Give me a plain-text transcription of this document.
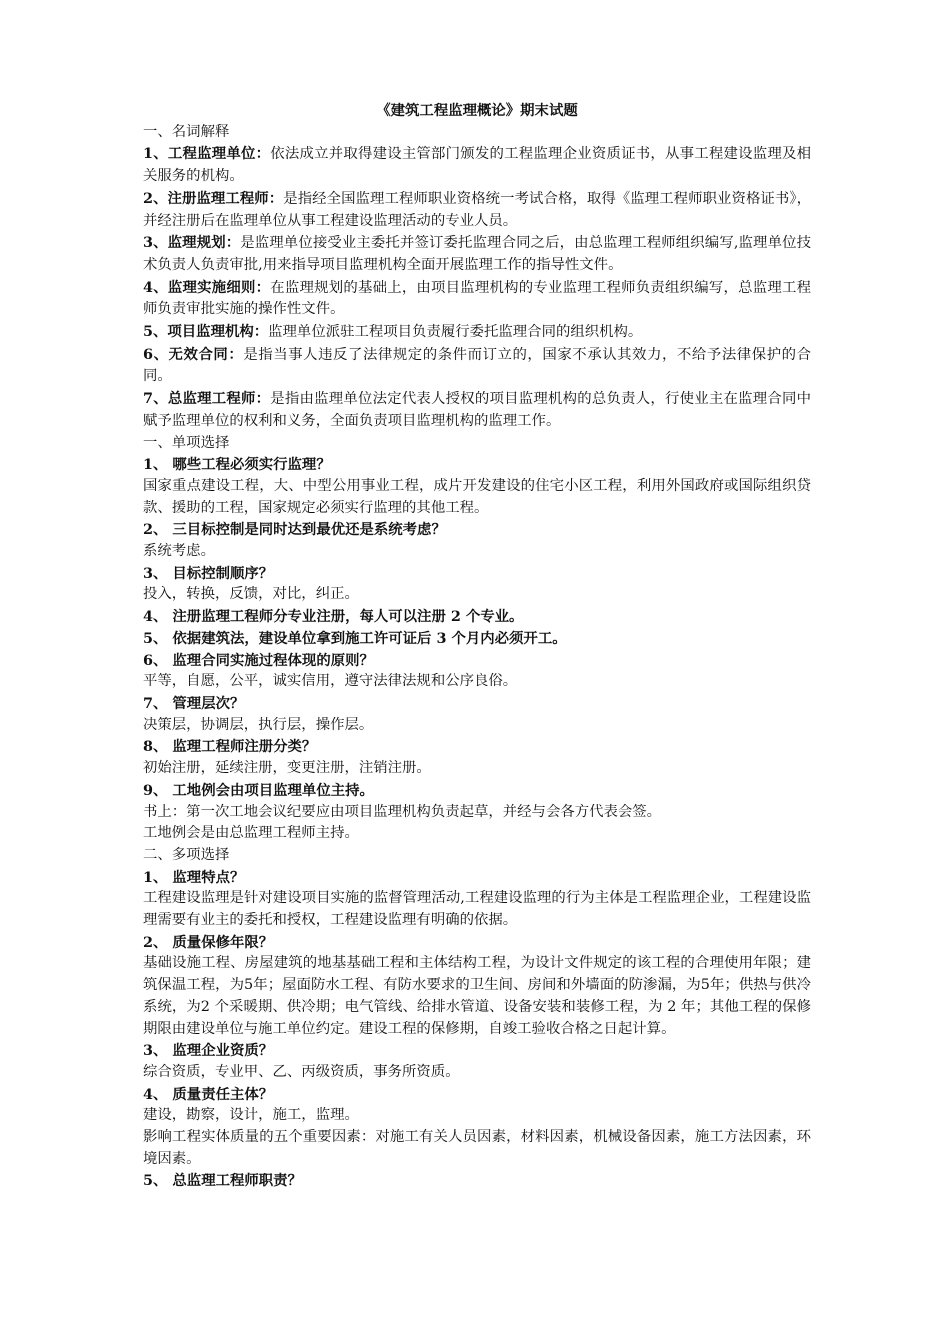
《建筑工程监理概论》期末试题

一、名词解释

1、工程监理单位：依法成立并取得建设主管部门颁发的工程监理企业资质证书，从事工程建设监理及相关服务的机构。

2、注册监理工程师：是指经全国监理工程师职业资格统一考试合格，取得《监理工程师职业资格证书》，并经注册后在监理单位从事工程建设监理活动的专业人员。

3、监理规划：是监理单位接受业主委托并签订委托监理合同之后，由总监理工程师组织编写,监理单位技术负责人负责审批,用来指导项目监理机构全面开展监理工作的指导性文件。

4、监理实施细则：在监理规划的基础上，由项目监理机构的专业监理工程师负责组织编写，总监理工程师负责审批实施的操作性文件。

5、项目监理机构：监理单位派驻工程项目负责履行委托监理合同的组织机构。

6、无效合同：是指当事人违反了法律规定的条件而订立的，国家不承认其效力，不给予法律保护的合同。

7、总监理工程师：是指由监理单位法定代表人授权的项目监理机构的总负责人，行使业主在监理合同中赋予监理单位的权利和义务，全面负责项目监理机构的监理工作。

一、单项选择

1、 哪些工程必须实行监理？

国家重点建设工程，大、中型公用事业工程，成片开发建设的住宅小区工程，利用外国政府或国际组织贷款、援助的工程，国家规定必须实行监理的其他工程。

2、 三目标控制是同时达到最优还是系统考虑？

系统考虑。

3、 目标控制顺序？

投入，转换，反馈，对比，纠正。

4、 注册监理工程师分专业注册，每人可以注册 2 个专业。

5、 依据建筑法，建设单位拿到施工许可证后 3 个月内必须开工。

6、 监理合同实施过程体现的原则？

平等，自愿，公平，诚实信用，遵守法律法规和公序良俗。

7、 管理层次？

决策层，协调层，执行层，操作层。

8、 监理工程师注册分类？

初始注册，延续注册，变更注册，注销注册。

9、 工地例会由项目监理单位主持。

书上：第一次工地会议纪要应由项目监理机构负责起草，并经与会各方代表会签。

工地例会是由总监理工程师主持。

二、多项选择

1、 监理特点？

工程建设监理是针对建设项目实施的监督管理活动,工程建设监理的行为主体是工程监理企业，工程建设监理需要有业主的委托和授权，工程建设监理有明确的依据。

2、 质量保修年限？

基础设施工程、房屋建筑的地基基础工程和主体结构工程，为设计文件规定的该工程的合理使用年限；建筑保温工程，为5年；屋面防水工程、有防水要求的卫生间、房间和外墙面的防渗漏，为5年；供热与供冷系统，为2 个采暖期、供冷期；电气管线、给排水管道、设备安装和装修工程，为 2 年；其他工程的保修期限由建设单位与施工单位约定。建设工程的保修期，自竣工验收合格之日起计算。

3、 监理企业资质？

综合资质，专业甲、乙、丙级资质，事务所资质。

4、 质量责任主体？

建设，勘察，设计，施工，监理。

影响工程实体质量的五个重要因素：对施工有关人员因素，材料因素，机械设备因素，施工方法因素，环境因素。

5、 总监理工程师职责？
